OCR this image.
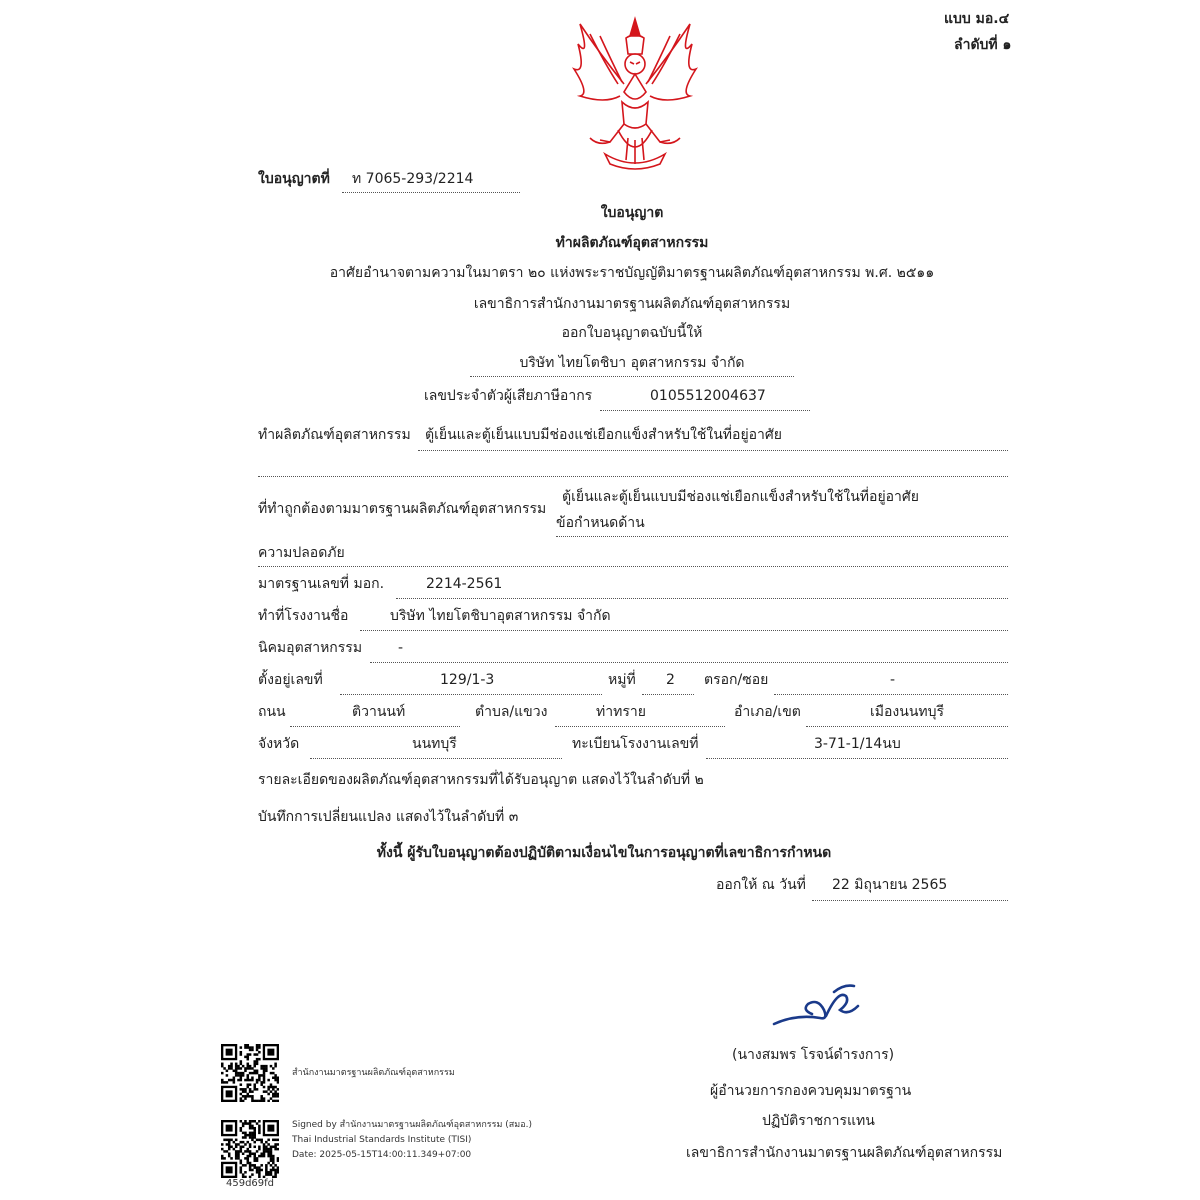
แบบ มอ.๔
ลำดับที่ ๑
ใบอนุญาตที่ ท 7065-293/2214
ใบอนุญาต
ทำผลิตภัณฑ์อุตสาหกรรม
อาศัยอำนาจตามความในมาตรา ๒๐ แห่งพระราชบัญญัติมาตรฐานผลิตภัณฑ์อุตสาหกรรม พ.ศ. ๒๕๑๑
เลขาธิการสำนักงานมาตรฐานผลิตภัณฑ์อุตสาหกรรม
ออกใบอนุญาตฉบับนี้ให้
บริษัท ไทยโตชิบา อุตสาหกรรม จำกัด
เลขประจำตัวผู้เสียภาษีอากร	0105512004637
ทำผลิตภัณฑ์อุตสาหกรรม ตู้เย็นและตู้เย็นแบบมีช่องแช่เยือกแข็งสำหรับใช้ในที่อยู่อาศัย
ที่ทำถูกต้องตามมาตรฐานผลิตภัณฑ์อุตสาหกรรม
ตู้เย็นและตู้เย็นแบบมีช่องแช่เยือกแข็งสำหรับใช้ในที่อยู่อาศัย
ข้อกำหนดด้าน
ความปลอดภัย
มาตรฐานเลขที่ มอก.	2214-2561
ทำที่โรงงานชื่อ	บริษัท ไทยโตชิบาอุตสาหกรรม จำกัด
นิคมอุตสาหกรรม	-
ตั้งอยู่เลขที่	129/1-3	หมู่ที่ 2 ตรอก/ซอย	-
ถนน	ติวานนท์	ตำบล/แขวง	ท่าทราย	อำเภอ/เขต	เมืองนนทบุรี
จังหวัด	นนทบุรี	ทะเบียนโรงงานเลขที่	3-71-1/14นบ
รายละเอียดของผลิตภัณฑ์อุตสาหกรรมที่ได้รับอนุญาต แสดงไว้ในลำดับที่ ๒
บันทึกการเปลี่ยนแปลง แสดงไว้ในลำดับที่ ๓
ทั้งนี้ ผู้รับใบอนุญาตต้องปฏิบัติตามเงื่อนไขในการอนุญาตที่เลขาธิการกำหนด
ออกให้ ณ วันที่ 22 มิถุนายน 2565
(นางสมพร โรจน์ดำรงการ)
ผู้อำนวยการกองควบคุมมาตรฐาน
ปฏิบัติราชการแทน
เลขาธิการสำนักงานมาตรฐานผลิตภัณฑ์อุตสาหกรรม
สำนักงานมาตรฐานผลิตภัณฑ์อุตสาหกรรม
Signed by สำนักงานมาตรฐานผลิตภัณฑ์อุตสาหกรรม (สมอ.)
Thai Industrial Standards Institute (TISI)
Date: 2025-05-15T14:00:11.349+07:00
459d69fd
